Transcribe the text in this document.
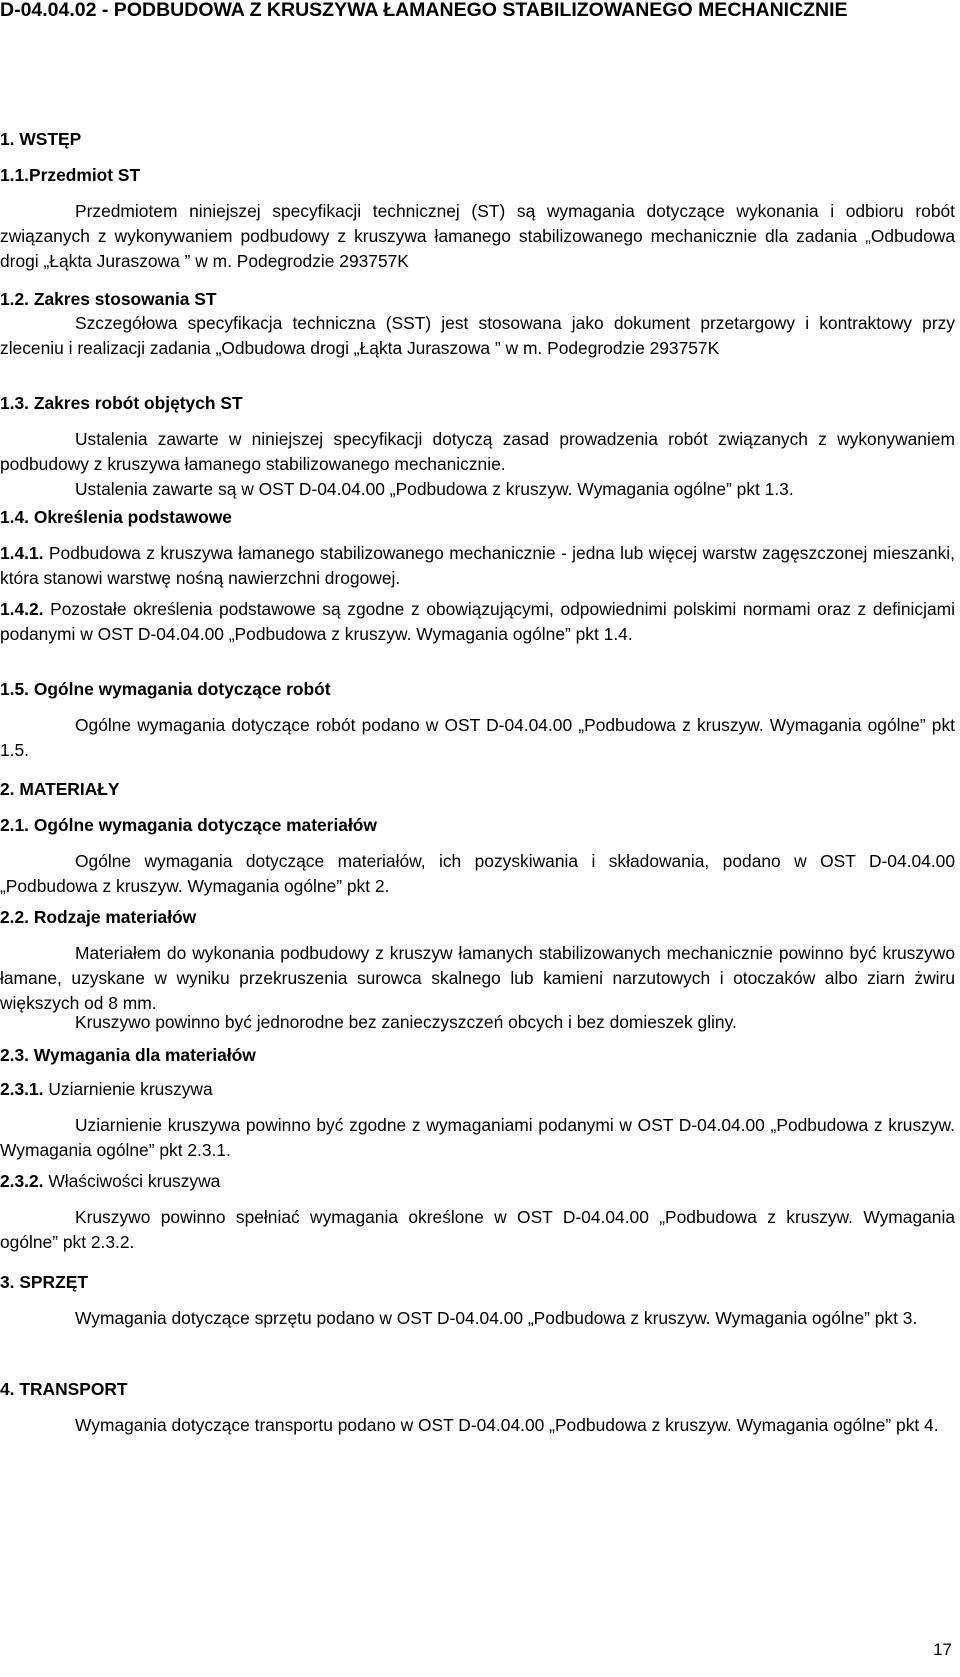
D-04.04.02 - PODBUDOWA Z KRUSZYWA ŁAMANEGO STABILIZOWANEGO MECHANICZNIE
1. WSTĘP
1.1.Przedmiot ST

Przedmiotem niniejszej specyfikacji technicznej (ST) są wymagania dotyczące wykonania i odbioru robót związanych z wykonywaniem podbudowy z kruszywa łamanego stabilizowanego mechanicznie dla zadania „Odbudowa drogi „Łąkta Juraszowa ” w m. Podegrodzie 293757K

1.2. Zakres stosowania ST

Szczegółowa specyfikacja techniczna (SST) jest stosowana jako dokument przetargowy i kontraktowy przy zleceniu i realizacji zadania „Odbudowa drogi „Łąkta Juraszowa ” w m. Podegrodzie 293757K

1.3. Zakres robót objętych ST

Ustalenia zawarte w niniejszej specyfikacji dotyczą zasad prowadzenia robót związanych z wykonywaniem podbudowy z kruszywa łamanego stabilizowanego mechanicznie.

Ustalenia zawarte są w OST D-04.04.00 „Podbudowa z kruszyw. Wymagania ogólne” pkt 1.3.

1.4. Określenia podstawowe

1.4.1. Podbudowa z kruszywa łamanego stabilizowanego mechanicznie - jedna lub więcej warstw zagęszczonej mieszanki, która stanowi warstwę nośną nawierzchni drogowej.

1.4.2. Pozostałe określenia podstawowe są zgodne z obowiązującymi, odpowiednimi polskimi normami oraz z definicjami podanymi w OST D-04.04.00 „Podbudowa z kruszyw. Wymagania ogólne” pkt 1.4.

1.5. Ogólne wymagania dotyczące robót

Ogólne wymagania dotyczące robót podano w OST D-04.04.00 „Podbudowa z kruszyw. Wymagania ogólne” pkt 1.5.

2. MATERIAŁY
2.1. Ogólne wymagania dotyczące materiałów

Ogólne wymagania dotyczące materiałów, ich pozyskiwania i składowania, podano w OST D-04.04.00 „Podbudowa z kruszyw. Wymagania ogólne” pkt 2.

2.2. Rodzaje materiałów

Materiałem do wykonania podbudowy z kruszyw łamanych stabilizowanych mechanicznie powinno być kruszywo łamane, uzyskane w wyniku przekruszenia surowca skalnego lub kamieni narzutowych i otoczaków albo ziarn żwiru większych od 8 mm.

Kruszywo powinno być jednorodne bez zanieczyszczeń obcych i bez domieszek gliny.

2.3. Wymagania dla materiałów
2.3.1. Uziarnienie kruszywa

Uziarnienie kruszywa powinno być zgodne z wymaganiami podanymi w OST D-04.04.00 „Podbudowa z kruszyw. Wymagania ogólne” pkt 2.3.1.

2.3.2. Właściwości kruszywa

Kruszywo powinno spełniać wymagania określone w OST D-04.04.00 „Podbudowa z kruszyw. Wymagania ogólne” pkt 2.3.2.

3. SPRZĘT

Wymagania dotyczące sprzętu podano w OST D-04.04.00 „Podbudowa z kruszyw. Wymagania ogólne” pkt 3.

4. TRANSPORT

Wymagania dotyczące transportu podano w OST D-04.04.00 „Podbudowa z kruszyw. Wymagania ogólne” pkt 4.

17
